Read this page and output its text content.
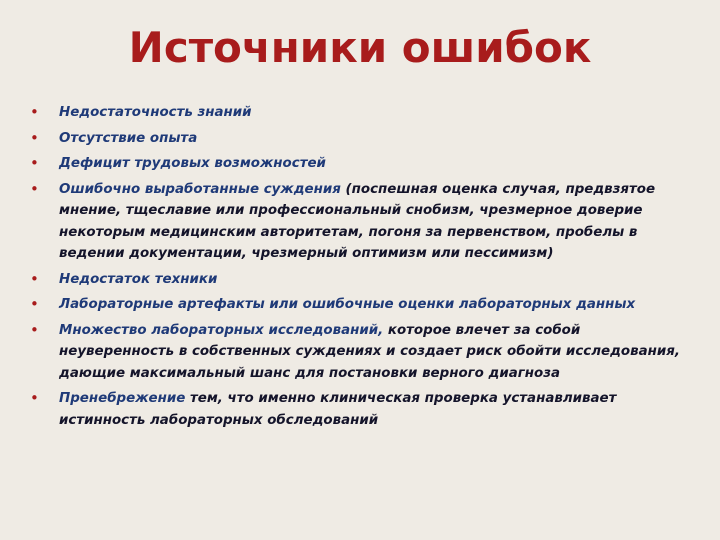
Источники ошибок
• Недостаточность знаний
• Отсутствие опыта
• Дефицит трудовых возможностей
• Ошибочно выработанные суждения (поспешная оценка случая, предвзятое мнение, тщеславие или профессиональный снобизм, чрезмерное доверие некоторым медицинским авторитетам, погоня за первенством, пробелы в ведении документации, чрезмерный оптимизм или пессимизм)
• Недостаток техники
• Лабораторные артефакты или ошибочные оценки лабораторных данных
• Множество лабораторных исследований, которое влечет за собой неуверенность в собственных суждениях и создает риск обойти исследования, дающие максимальный шанс для постановки верного диагноза
• Пренебрежение тем, что именно клиническая проверка устанавливает истинность лабораторных обследований
